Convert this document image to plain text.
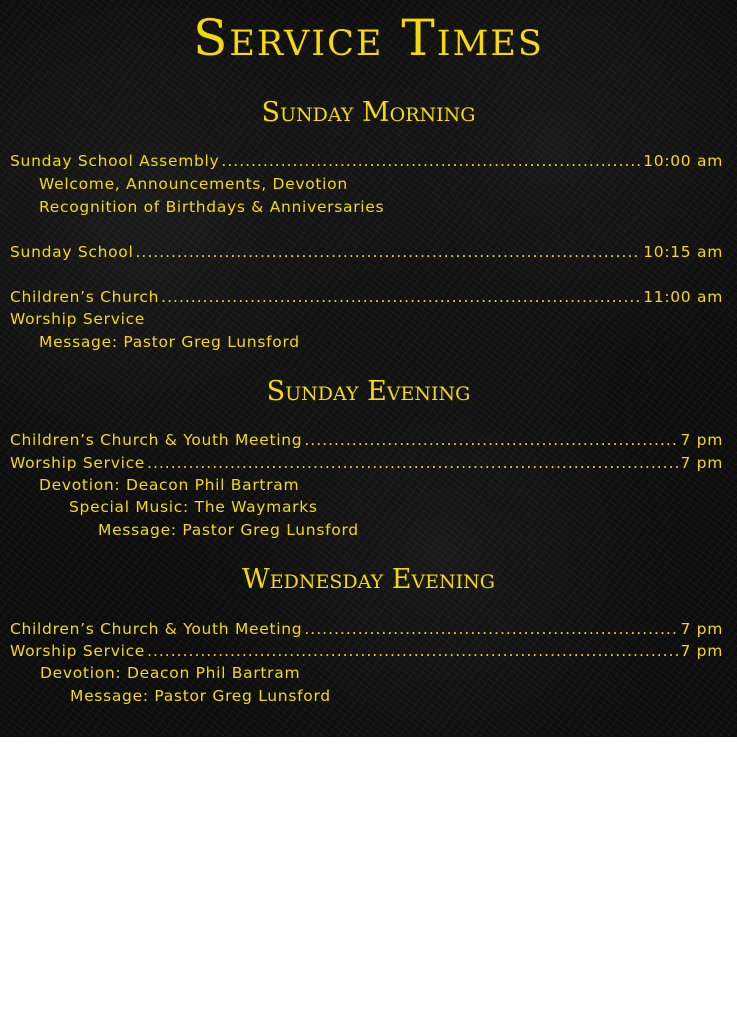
Service Times
Sunday Morning
Sunday School Assembly .....	10:00 am
Welcome, Announcements, Devotion
Recognition of Birthdays & Anniversaries
Sunday School .....	10:15 am
Children’s Church .....	11:00 am
Worship Service
Message: Pastor Greg Lunsford
Sunday Evening
Children’s Church & Youth Meeting .....	7 pm
Worship Service .....	7 pm
Devotion: Deacon Phil Bartram
Special Music: The Waymarks
Message: Pastor Greg Lunsford
Wednesday Evening
Children’s Church & Youth Meeting .....	7 pm
Worship Service .....	7 pm
Devotion: Deacon Phil Bartram
Message: Pastor Greg Lunsford
